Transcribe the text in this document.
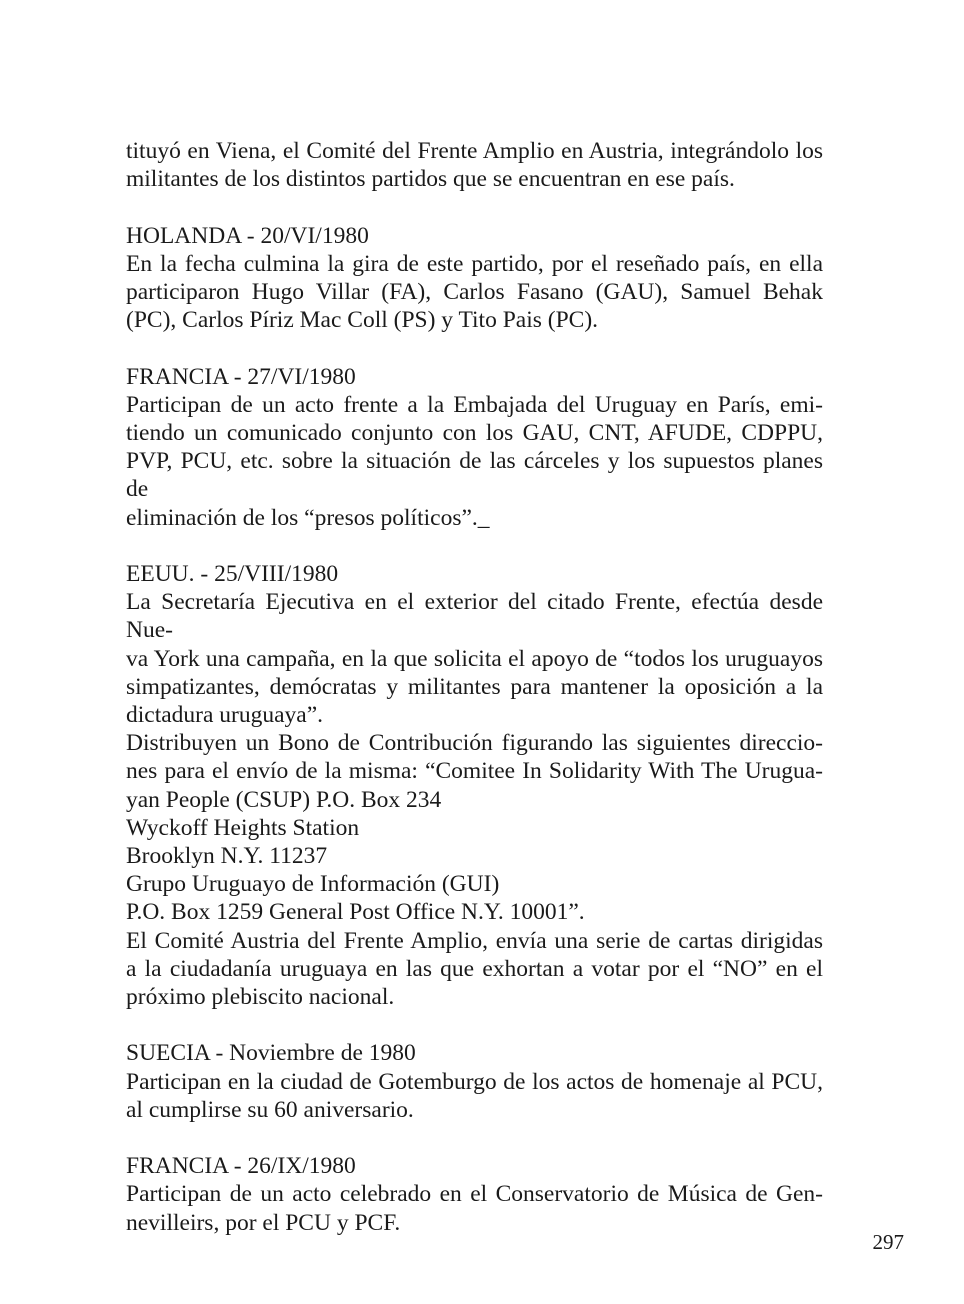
tituyó en Viena, el Comité del Frente Amplio en Austria, integrándolo los
militantes de los distintos partidos que se encuentran en ese país.

HOLANDA - 20/VI/1980
En la fecha culmina la gira de este partido, por el reseñado país, en ella
participaron Hugo Villar (FA), Carlos Fasano (GAU), Samuel Behak
(PC), Carlos Píriz Mac Coll (PS) y Tito Pais (PC).
FRANCIA - 27/VI/1980
Participan de un acto frente a la Embajada del Uruguay en París, emi-
tiendo un comunicado conjunto con los GAU, CNT, AFUDE, CDPPU,
PVP, PCU, etc. sobre la situación de las cárceles y los supuestos planes de
eliminación de los “presos políticos”._
EEUU. - 25/VIII/1980
La Secretaría Ejecutiva en el exterior del citado Frente, efectúa desde Nue-
va York una campaña, en la que solicita el apoyo de “todos los uruguayos
simpatizantes, demócratas y militantes para mantener la oposición a la
dictadura uruguaya”.
Distribuyen un Bono de Contribución figurando las siguientes direccio-
nes para el envío de la misma: “Comitee In Solidarity With The Urugua-
yan People (CSUP) P.O. Box 234
Wyckoff Heights Station
Brooklyn N.Y. 11237
Grupo Uruguayo de Información (GUI)
P.O. Box 1259 General Post Office N.Y. 10001”.
El Comité Austria del Frente Amplio, envía una serie de cartas dirigidas
a la ciudadanía uruguaya en las que exhortan a votar por el “NO” en el
próximo plebiscito nacional.
SUECIA - Noviembre de 1980
Participan en la ciudad de Gotemburgo de los actos de homenaje al PCU,
al cumplirse su 60 aniversario.
FRANCIA - 26/IX/1980
Participan de un acto celebrado en el Conservatorio de Música de Gen-
nevilleirs, por el PCU y PCF.
297
